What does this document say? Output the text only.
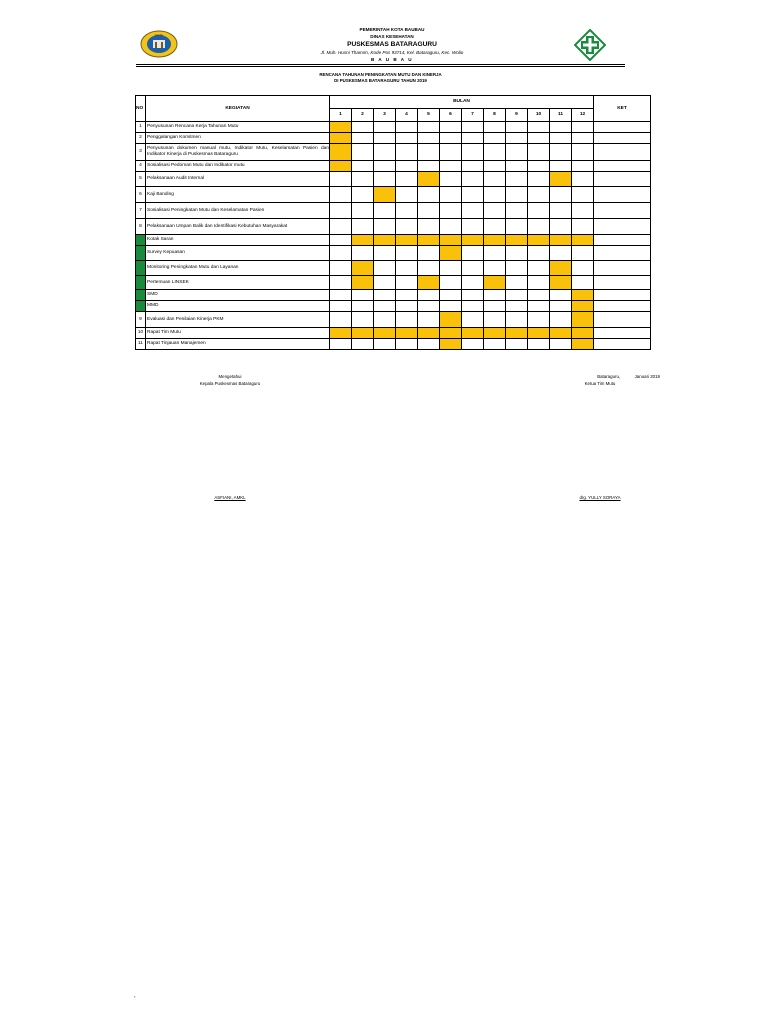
KOTA
PEMERINTAH KOTA BAUBAU
DINAS KESEHATAN
PUSKESMAS BATARAGURU
Jl. Muh. Husni Thamrin, Kode Pos 93714, Kel. Bataraguru, Kec. Wolio
B A U B A U
RENCANA TAHUNAN PENINGKATAN MUTU DAN KINERJA
DI PUSKESMAS BATARAGURU TAHUN 2019
NO	KEGIATAN	BULAN												KET
		1	2	3	4	5	6	7	8	9	10	11	12	
1	Penyusunan Rencana Kerja Tahunan Mutu													
2	Penggalangan Komitmen													
3	Penyusunan dokumen manual mutu, Indikator Mutu, Keselamatan Pasien dan Indikator Kinerja di Puskesmas Bataraguru													
4	Sosialisasi Pedoman Mutu dan Indikator mutu													
5	Pelaksanaan Audit Internal													
6	Kaji Banding													
7	Sosialisasi Peningkatan Mutu dan Keselamatan Pasien													
8	Pelaksanaan Umpan Balik dan Identifikasi Kebutuhan Masyarakat													
	Kotak Saran													
	Survey Kepuasan													
	Monitoring Peningkatan Mutu dan Layanan													
	Pertemuan LINSEK													
	SMD													
	MMD													
9	Evaluasi dan Penilaian Kinerja PKM													
10	Rapat Tim Mutu													
11	Rapat Tinjauan Manajemen													
Mengetahui
Kepala Puskesmas Bataraguru
ASFIANI, AMKL
Bataraguru,	Januari 2019
Ketua Tim Mutu
drg. YULLY SORAYA
,
